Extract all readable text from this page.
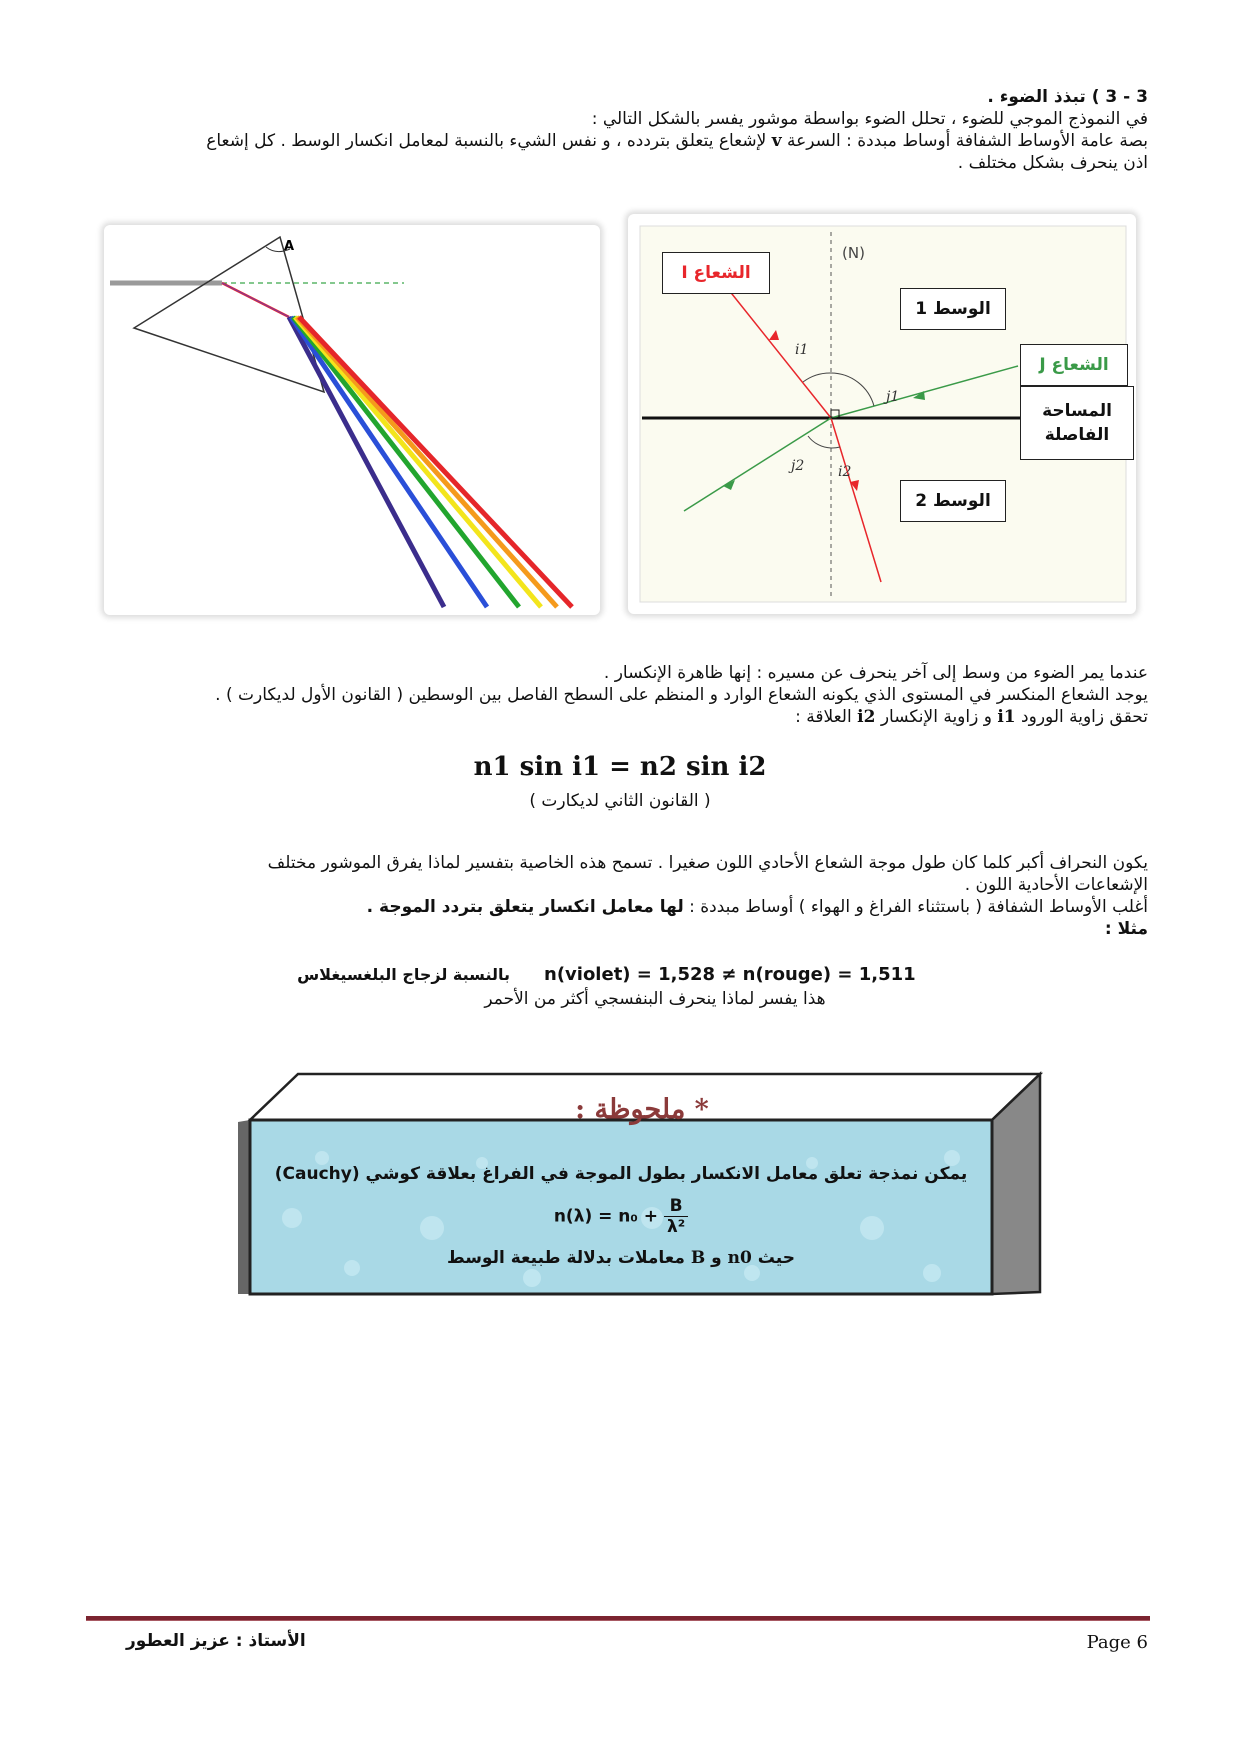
3 - 3 ) تبذذ الضوء .
في النموذج الموجي للضوء ، تحلل الضوء بواسطة موشور يفسر بالشكل التالي :
بصة عامة الأوساط الشفافة أوساط مبددة : السرعة v لإشعاع يتعلق بتردده ، و نفس الشيء بالنسبة لمعامل انكسار الوسط . كل إشعاع
اذن ينحرف بشكل مختلف .
A	(N)
i1
j1
j2 i2
الشعاع I
الوسط 1
الشعاع J
المساحة
الفاصلة
الوسط 2
عندما يمر الضوء من وسط إلى آخر ينحرف عن مسيره : إنها ظاهرة الإنكسار .
يوجد الشعاع المنكسر في المستوى الذي يكونه الشعاع الوارد و المنظم على السطح الفاصل بين الوسطين ( القانون الأول لديكارت ) .
تحقق زاوية الورود i1 و زاوية الإنكسار i2 العلاقة :
n1 sin i1 = n2 sin i2
( القانون الثاني لديكارت )
يكون النحراف أكبر كلما كان طول موجة الشعاع الأحادي اللون صغيرا . تسمح هذه الخاصية بتفسير لماذا يفرق الموشور مختلف
الإشعاعات الأحادية اللون .
أغلب الأوساط الشفافة ( باستثناء الفراغ و الهواء ) أوساط مبددة : لها معامل انكسار يتعلق بتردد الموجة .
مثلا :
n(violet) = 1,528 ≠ n(rouge) = 1,511
بالنسبة لزجاج البلغسيغلاس
هذا يفسر لماذا ينحرف البنفسجي أكثر من الأحمر
* ملحوظة :
يمكن نمذجة تعلق معامل الانكسار بطول الموجة في الفراغ بعلاقة كوشي (Cauchy)
$n(\lambda) = n_0 + \frac{B}{\text{λ²}}$
حيث n0 و B معاملات بدلالة طبيعة الوسط
الأستاذ : عزيز العطور	Page 6
